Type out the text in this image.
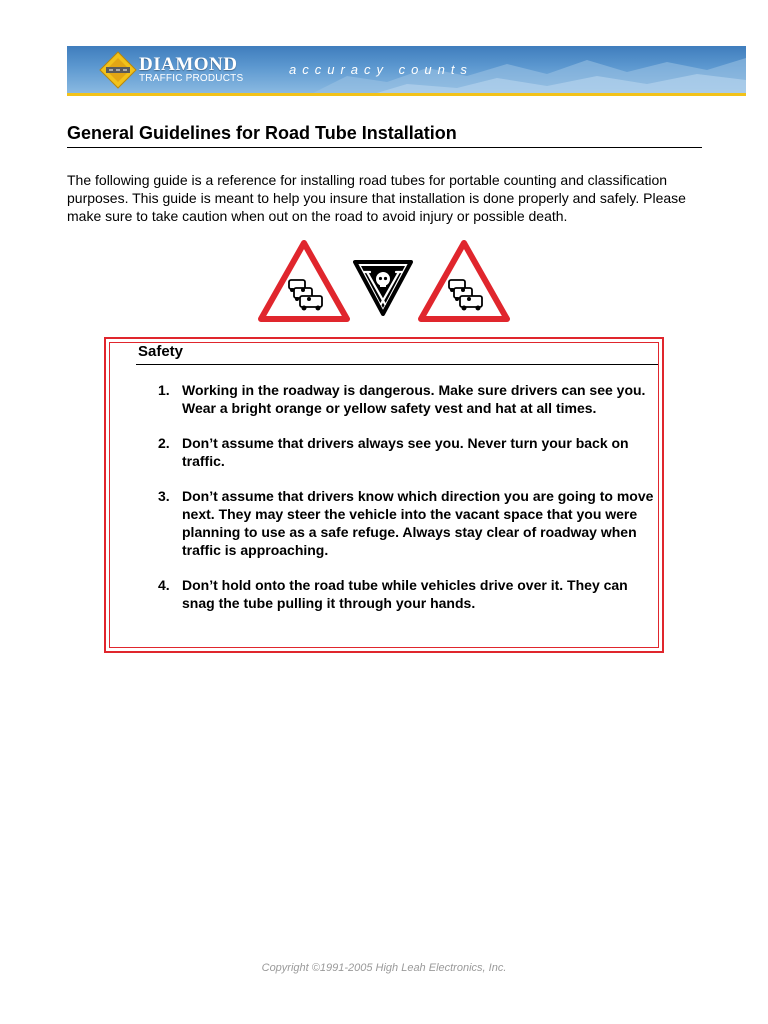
DIAMOND
TRAFFIC PRODUCTS
accuracy counts
General Guidelines for Road Tube Installation

The following guide is a reference for installing road tubes for portable counting and classification purposes. This guide is meant to help you insure that installation is done properly and safely. Please make sure to take caution when out on the road to avoid injury or possible death.

Safety
1. Working in the roadway is dangerous. Make sure drivers can see you. Wear a bright orange or yellow safety vest and hat at all times.
2. Don’t assume that drivers always see you. Never turn your back on traffic.
3. Don’t assume that drivers know which direction you are going to move next. They may steer the vehicle into the vacant space that you were planning to use as a safe refuge. Always stay clear of roadway when traffic is approaching.
4. Don’t hold onto the road tube while vehicles drive over it. They can snag the tube pulling it through your hands.
Copyright ©1991-2005 High Leah Electronics, Inc.
